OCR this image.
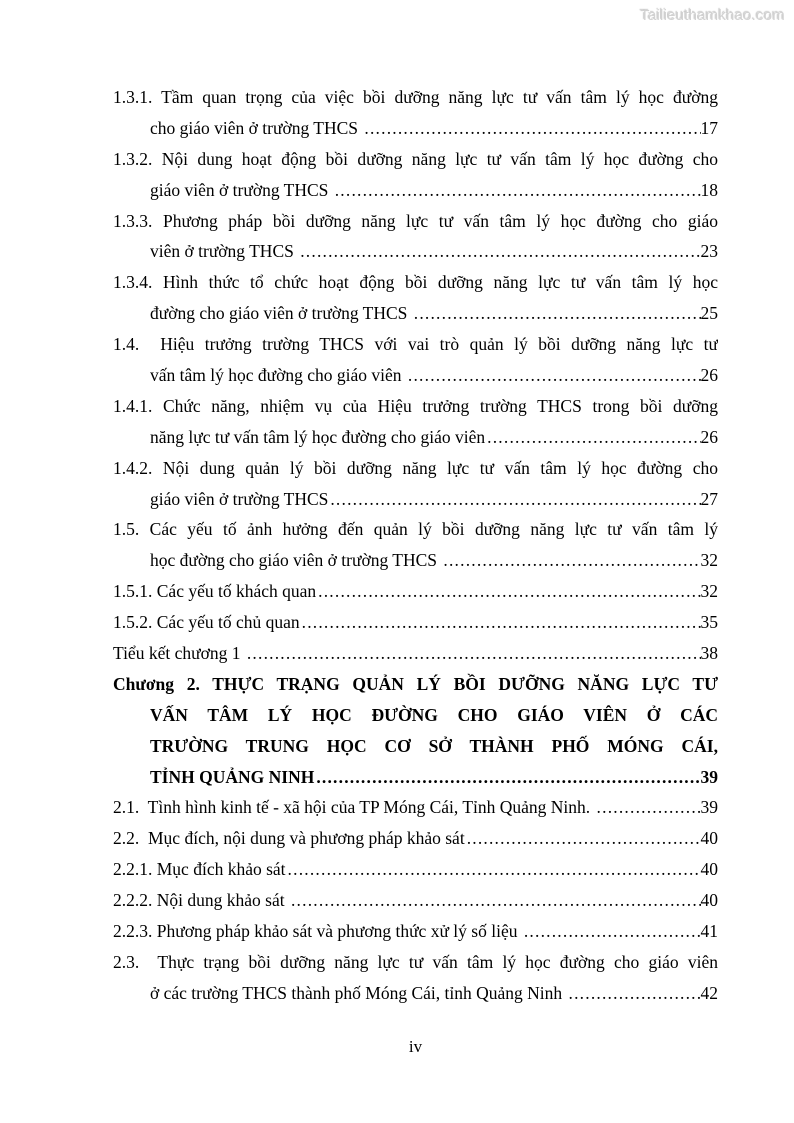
Tailieuthamkhao.com
1.3.1. Tầm quan trọng của việc bồi dưỡng năng lực tư vấn tâm lý học đường
cho giáo viên ở trường THCS .....	17
1.3.2. Nội dung hoạt động bồi dưỡng năng lực tư vấn tâm lý học đường cho
giáo viên ở trường THCS .....	18
1.3.3. Phương pháp bồi dưỡng năng lực tư vấn tâm lý học đường cho giáo
viên ở trường THCS .....	23
1.3.4. Hình thức tổ chức hoạt động bồi dưỡng năng lực tư vấn tâm lý học
đường cho giáo viên ở trường THCS .....	25
1.4.  Hiệu trưởng trường THCS với vai trò quản lý bồi dưỡng năng lực tư
vấn tâm lý học đường cho giáo viên .....	26
1.4.1. Chức năng, nhiệm vụ của Hiệu trưởng trường THCS trong bồi dưỡng
năng lực tư vấn tâm lý học đường cho giáo viên .....	26
1.4.2. Nội dung quản lý bồi dưỡng năng lực tư vấn tâm lý học đường cho
giáo viên ở trường THCS .....	27
1.5. Các yếu tố ảnh hưởng đến quản lý bồi dưỡng năng lực tư vấn tâm lý
học đường cho giáo viên ở trường THCS .....	32
1.5.1. Các yếu tố khách quan .....	32
1.5.2. Các yếu tố chủ quan .....	35
Tiểu kết chương 1 .....	38
Chương 2. THỰC TRẠNG QUẢN LÝ BỒI DƯỠNG NĂNG LỰC TƯ
VẤN TÂM LÝ HỌC ĐƯỜNG CHO GIÁO VIÊN Ở CÁC
TRƯỜNG TRUNG HỌC CƠ SỞ THÀNH PHỐ MÓNG CÁI,
TỈNH QUẢNG NINH .....	39
2.1.  Tình hình kinh tế - xã hội của TP Móng Cái, Tỉnh Quảng Ninh. .....	39
2.2.  Mục đích, nội dung và phương pháp khảo sát .....	40
2.2.1. Mục đích khảo sát .....	40
2.2.2. Nội dung khảo sát .....	40
2.2.3. Phương pháp khảo sát và phương thức xử lý số liệu .....	41
2.3.  Thực trạng bồi dưỡng năng lực tư vấn tâm lý học đường cho giáo viên
ở các trường THCS thành phố Móng Cái, tỉnh Quảng Ninh .....	42
iv
